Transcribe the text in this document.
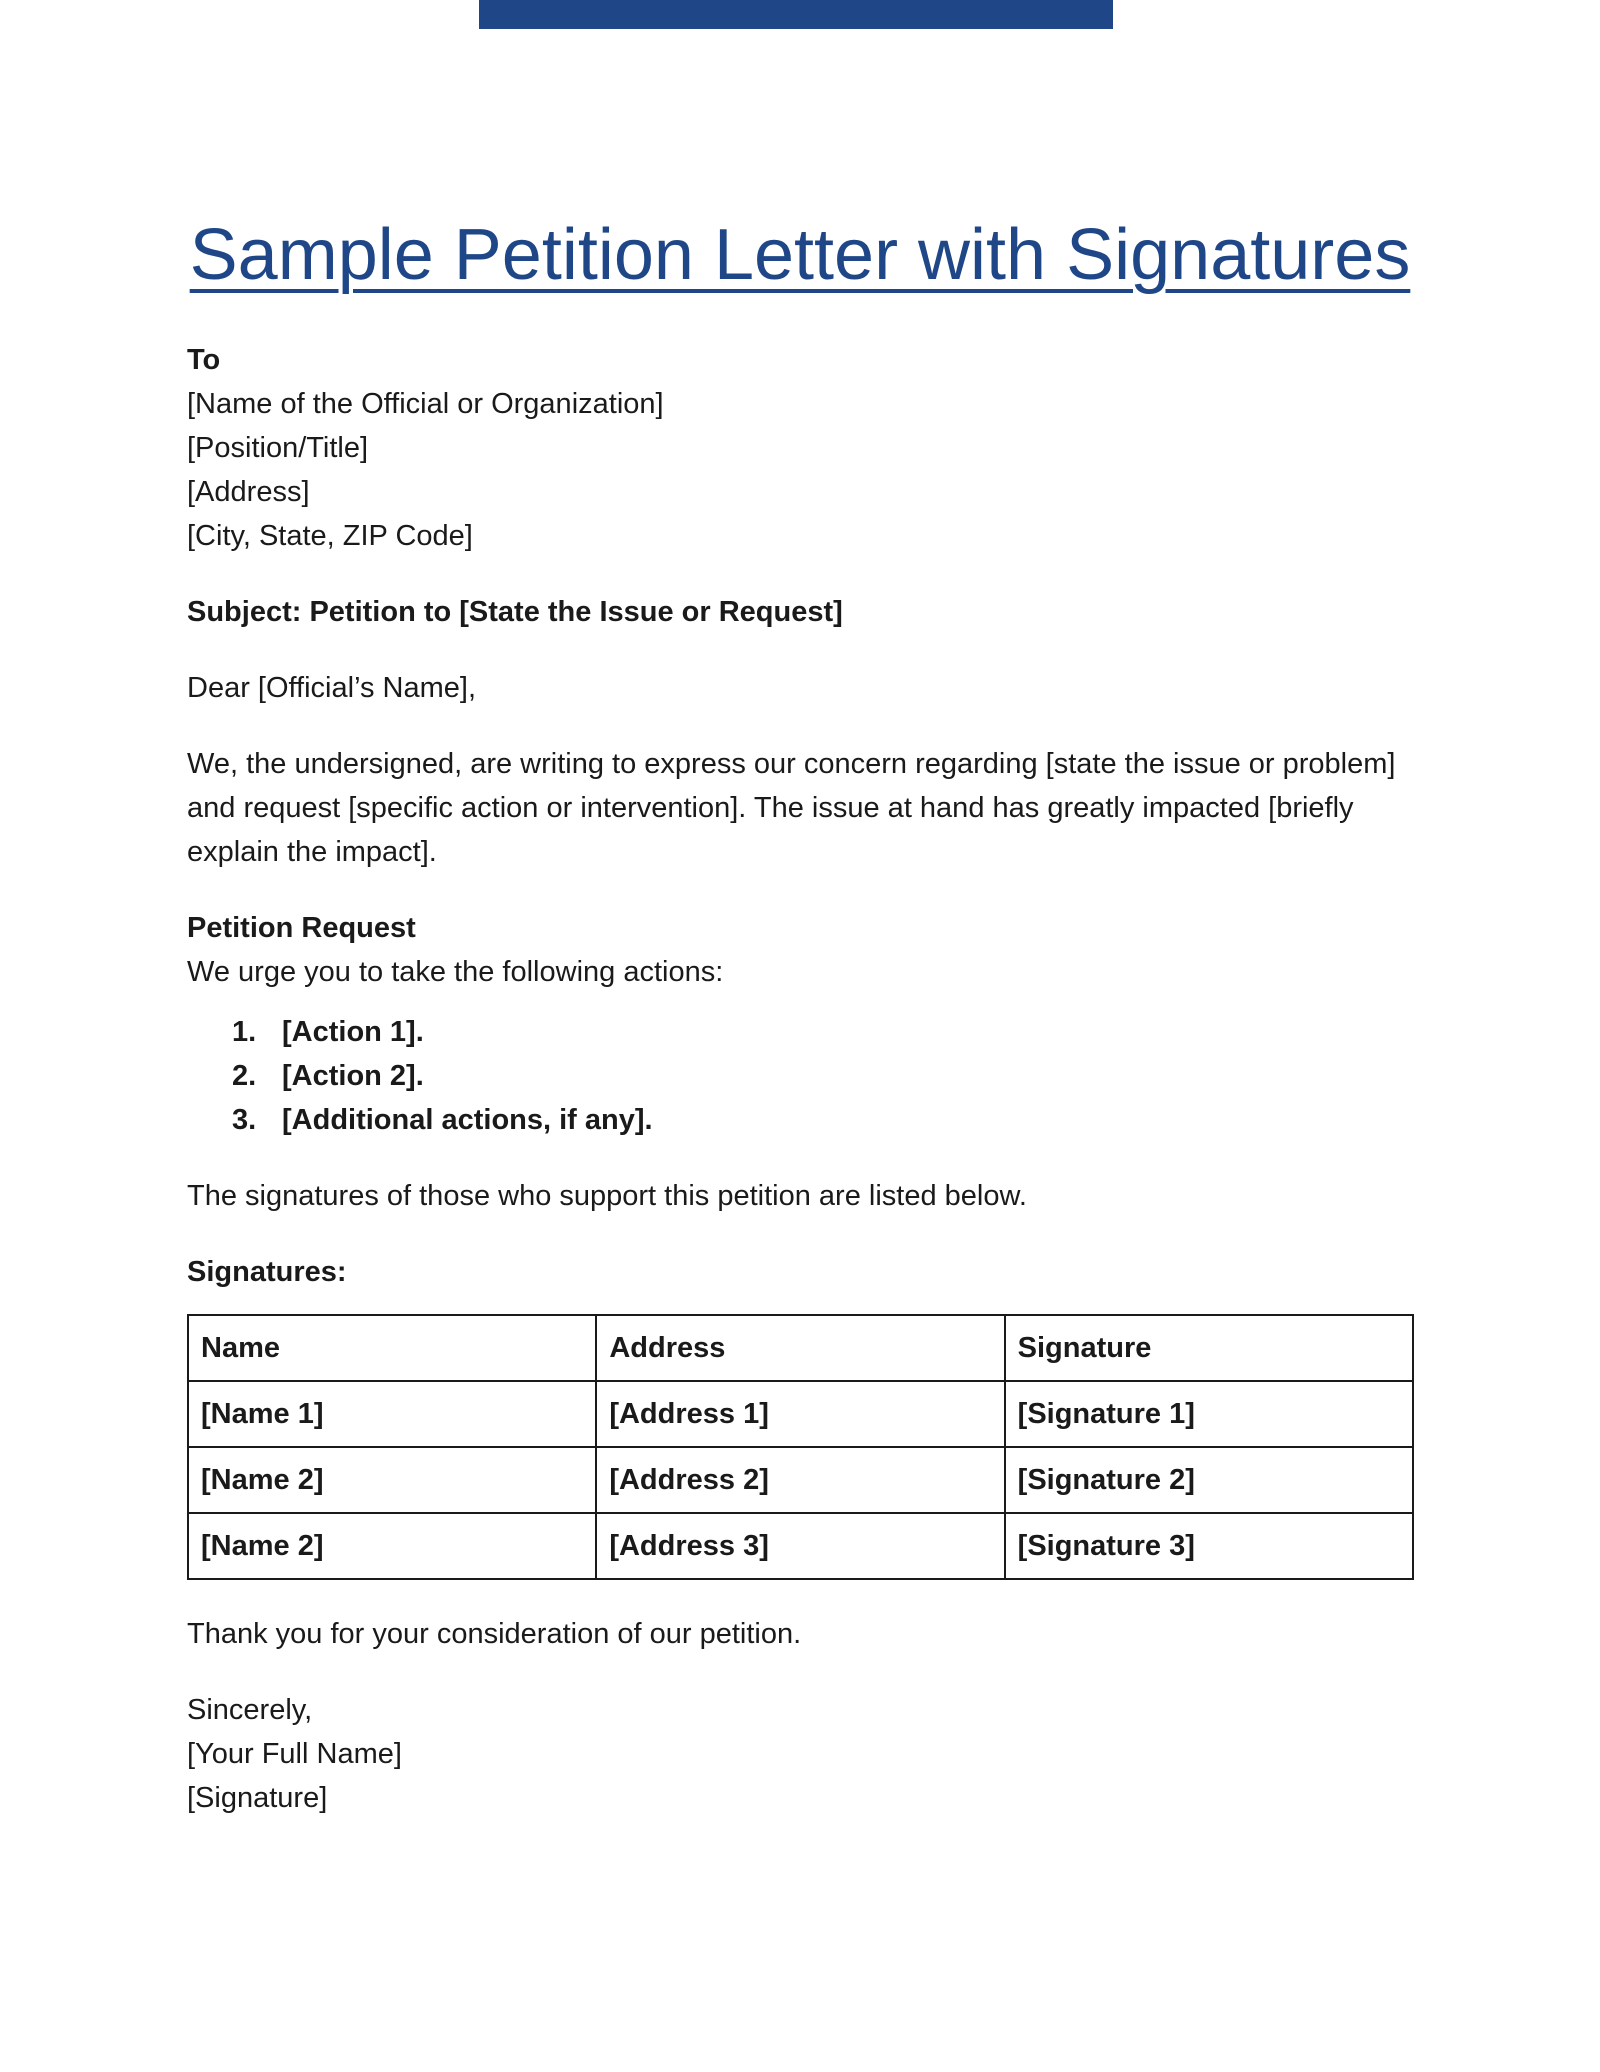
Sample Petition Letter with Signatures

To

[Name of the Official or Organization]

[Position/Title]

[Address]

[City, State, ZIP Code]

Subject: Petition to [State the Issue or Request]

Dear [Official’s Name],

We, the undersigned, are writing to express our concern regarding [state the issue or problem] and request [specific action or intervention]. The issue at hand has greatly impacted [briefly explain the impact].

Petition Request

We urge you to take the following actions:

1. [Action 1].
2. [Action 2].
3. [Additional actions, if any].

The signatures of those who support this petition are listed below.

Signatures:

Name	Address	Signature
[Name 1]	[Address 1]	[Signature 1]
[Name 2]	[Address 2]	[Signature 2]
[Name 2]	[Address 3]	[Signature 3]

Thank you for your consideration of our petition.

Sincerely,

[Your Full Name]

[Signature]
